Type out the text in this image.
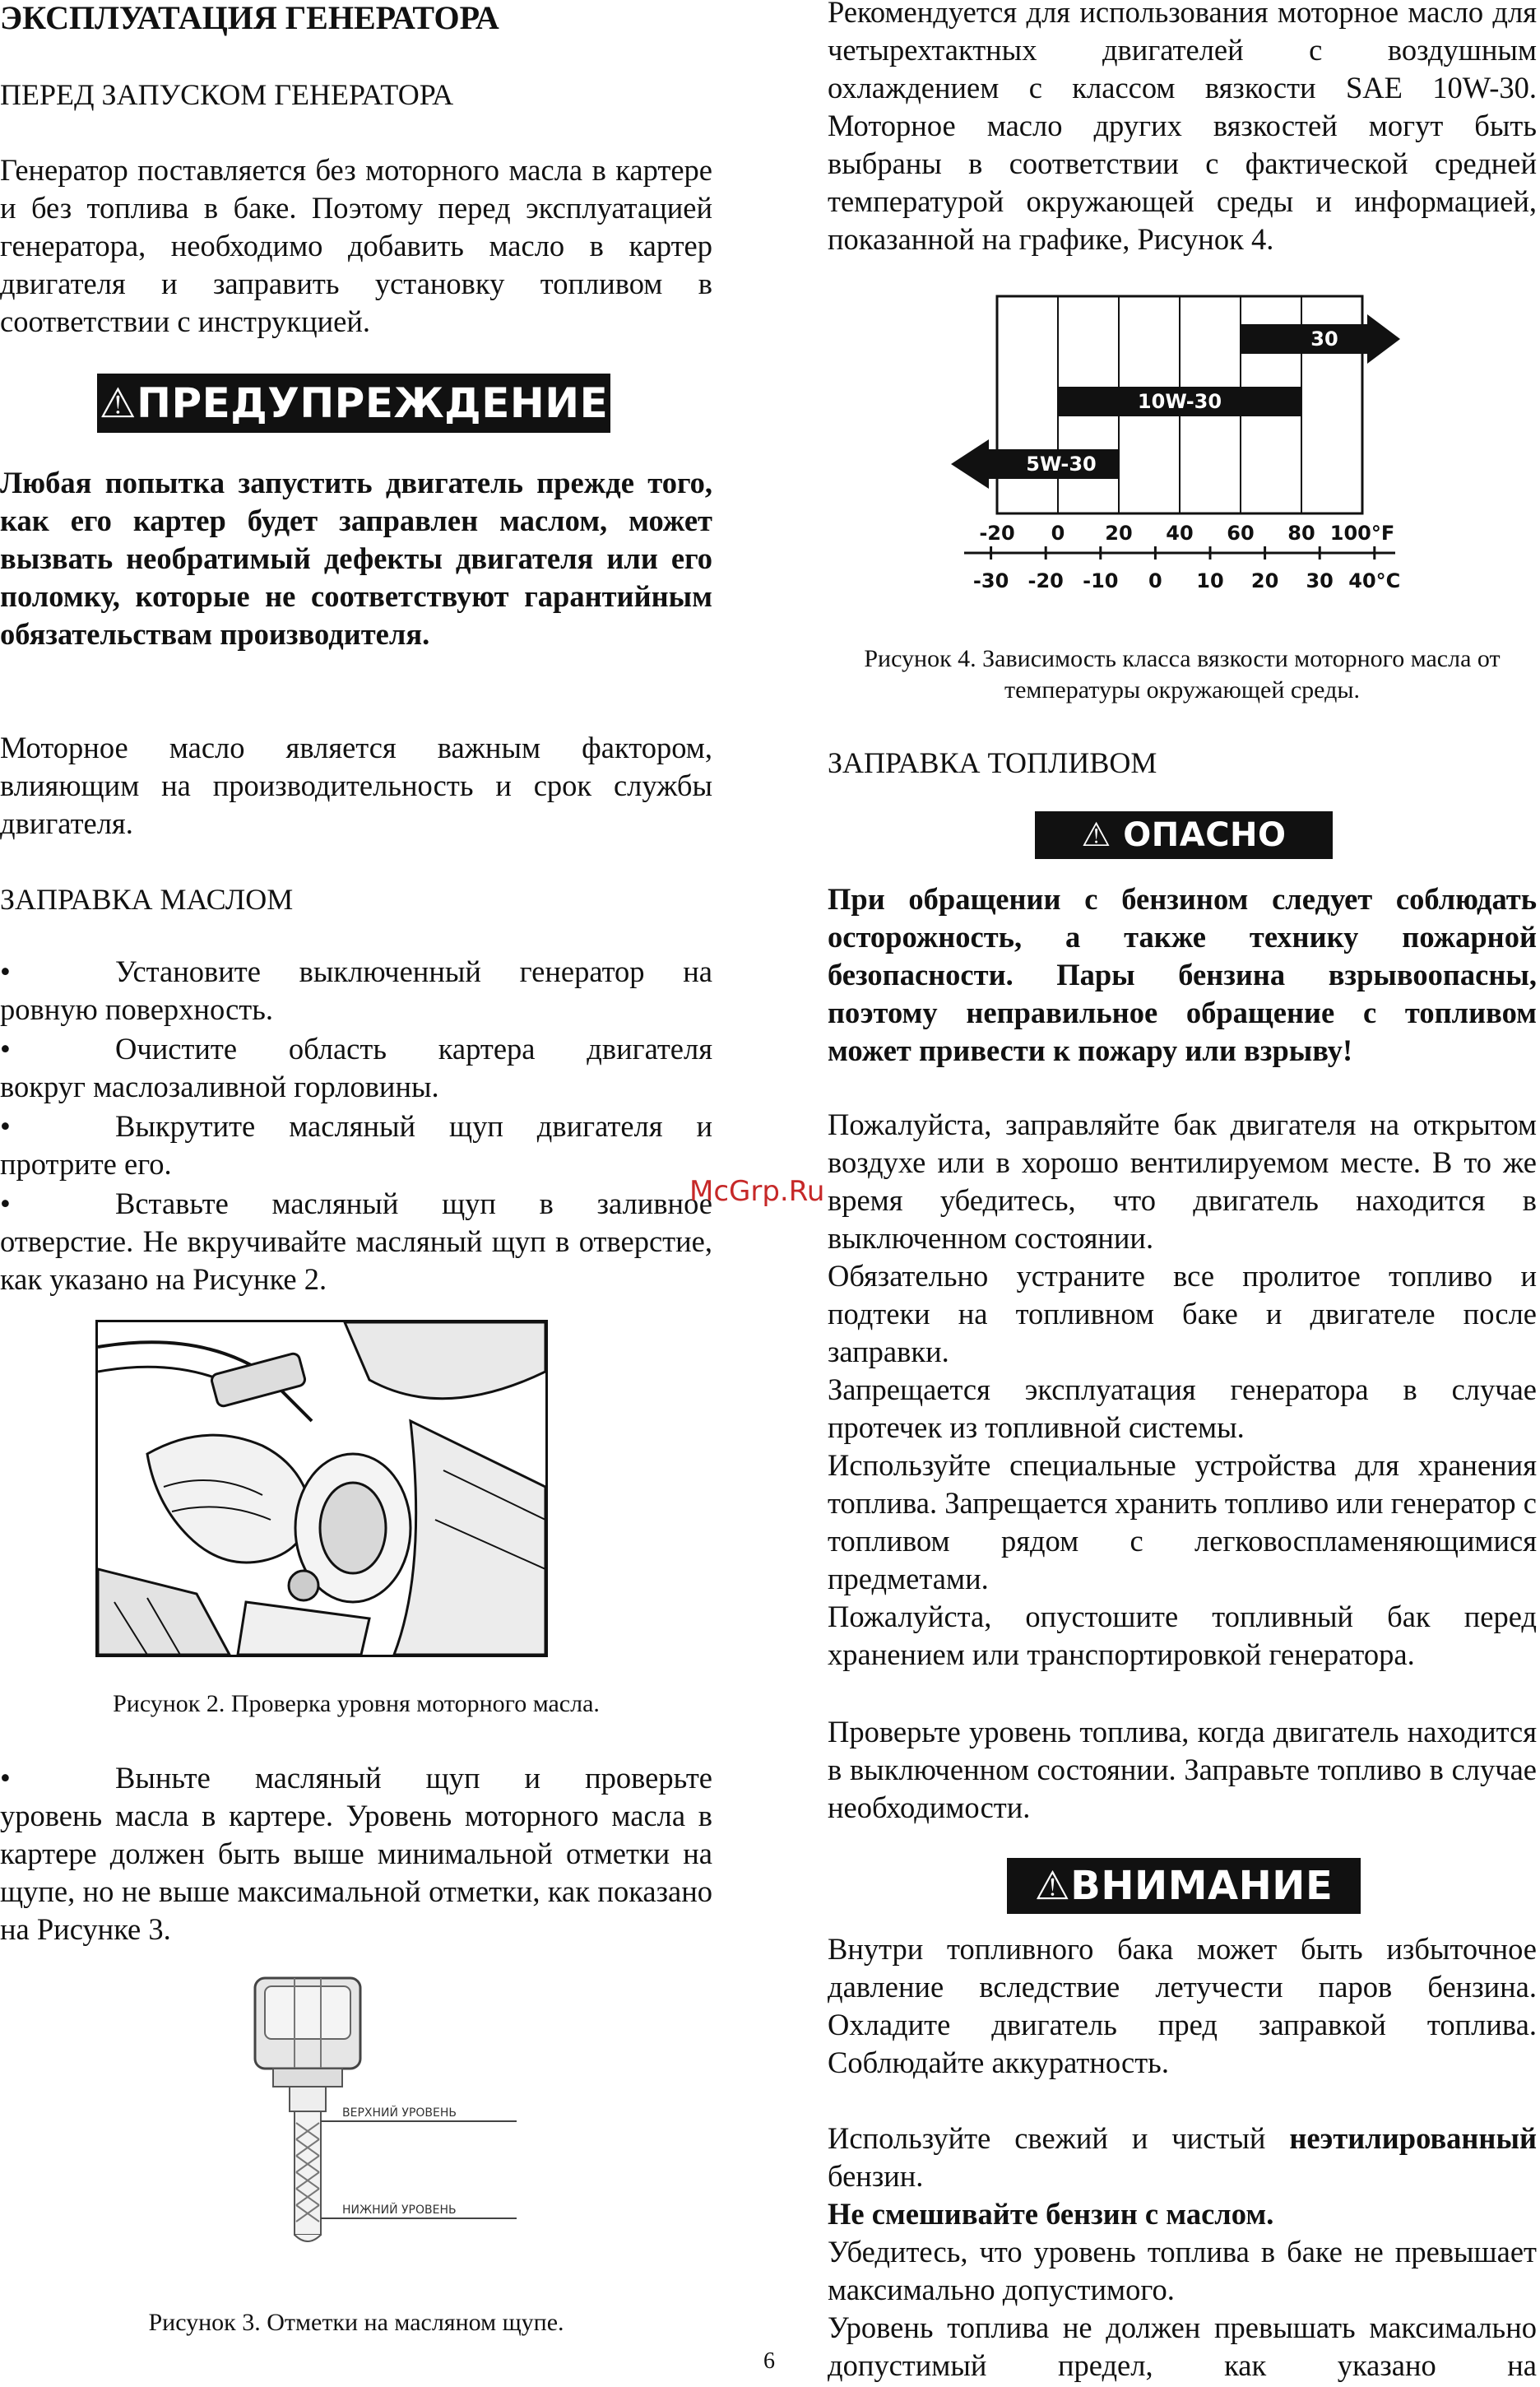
ЭКСПЛУАТАЦИЯ ГЕНЕРАТОРА

ПЕРЕД ЗАПУСКОМ ГЕНЕРАТОРА

Генератор поставляется без моторного масла в картере и без топлива в баке. Поэтому перед эксплуатацией генератора, необходимо добавить масло в картер двигателя и заправить установку топливом в соответствии с инструкцией.

⚠ПРЕДУПРЕЖДЕНИЕ

Любая попытка запустить двигатель прежде того, как его картер будет заправлен маслом, может вызвать необратимый дефекты двигателя или его поломку, которые не соответствуют гарантийным обязательствам производителя.

Моторное масло является важным фактором, влияющим на производительность и срок службы двигателя.

ЗАПРАВКА МАСЛОМ

•	Установите выключенный генератор на

ровную поверхность.

•	Очистите область картера двигателя

вокруг маслозаливной горловины.

•	Выкрутите масляный щуп двигателя и

протрите его.

•	Вставьте масляный щуп в заливное

отверстие. Не вкручивайте масляный щуп в отверстие, как указано на Рисунке 2.

Рисунок 2. Проверка уровня моторного масла.

•	Выньте масляный щуп и проверьте

уровень масла в картере. Уровень моторного масла в картере должен быть выше минимальной отметки на щупе, но не выше максимальной отметки, как показано на Рисунке 3.

ВЕРХНИЙ УРОВЕНЬ
НИЖНИЙ УРОВЕНЬ

Рисунок 3. Отметки на масляном щупе.

Рекомендуется для использования моторное масло для четырехтактных двигателей с воздушным охлаждением с классом вязкости SAE 10W-30. Моторное масло других вязкостей могут быть выбраны в соответствии с фактической средней температурой окружающей среды и информацией, показанной на графике, Рисунок 4.

30
10W-30
5W-30
-20 0 20 40 60 80 100°F
-30 -20 -10 0 10 20 30 40°C

Рисунок 4. Зависимость класса вязкости моторного масла от температуры окружающей среды.

ЗАПРАВКА ТОПЛИВОМ

⚠ ОПАСНО

При обращении с бензином следует соблюдать осторожность, а также технику пожарной безопасности. Пары бензина взрывоопасны, поэтому неправильное обращение с топливом может привести к пожару или взрыву!

Пожалуйста, заправляйте бак двигателя на открытом воздухе или в хорошо вентилируемом месте. В то же время убедитесь, что двигатель находится в выключенном состоянии.

Обязательно устраните все пролитое топливо и подтеки на топливном баке и двигателе после заправки.

Запрещается эксплуатация генератора в случае протечек из топливной системы.

Используйте специальные устройства для хранения топлива. Запрещается хранить топливо или генератор с топливом рядом с легковоспламеняющимися предметами.

Пожалуйста, опустошите топливный бак перед хранением или транспортировкой генератора.

Проверьте уровень топлива, когда двигатель находится в выключенном состоянии. Заправьте топливо в случае необходимости.

⚠ВНИМАНИЕ

Внутри топливного бака может быть избыточное давление вследствие летучести паров бензина. Охладите двигатель пред заправкой топлива. Соблюдайте аккуратность.

Используйте свежий и чистый неэтилированный бензин.

Не смешивайте бензин с маслом.

Убедитесь, что уровень топлива в баке не превышает максимально допустимого.

Уровень топлива не должен превышать максимально допустимый предел, как указано на

McGrp.Ru
6
